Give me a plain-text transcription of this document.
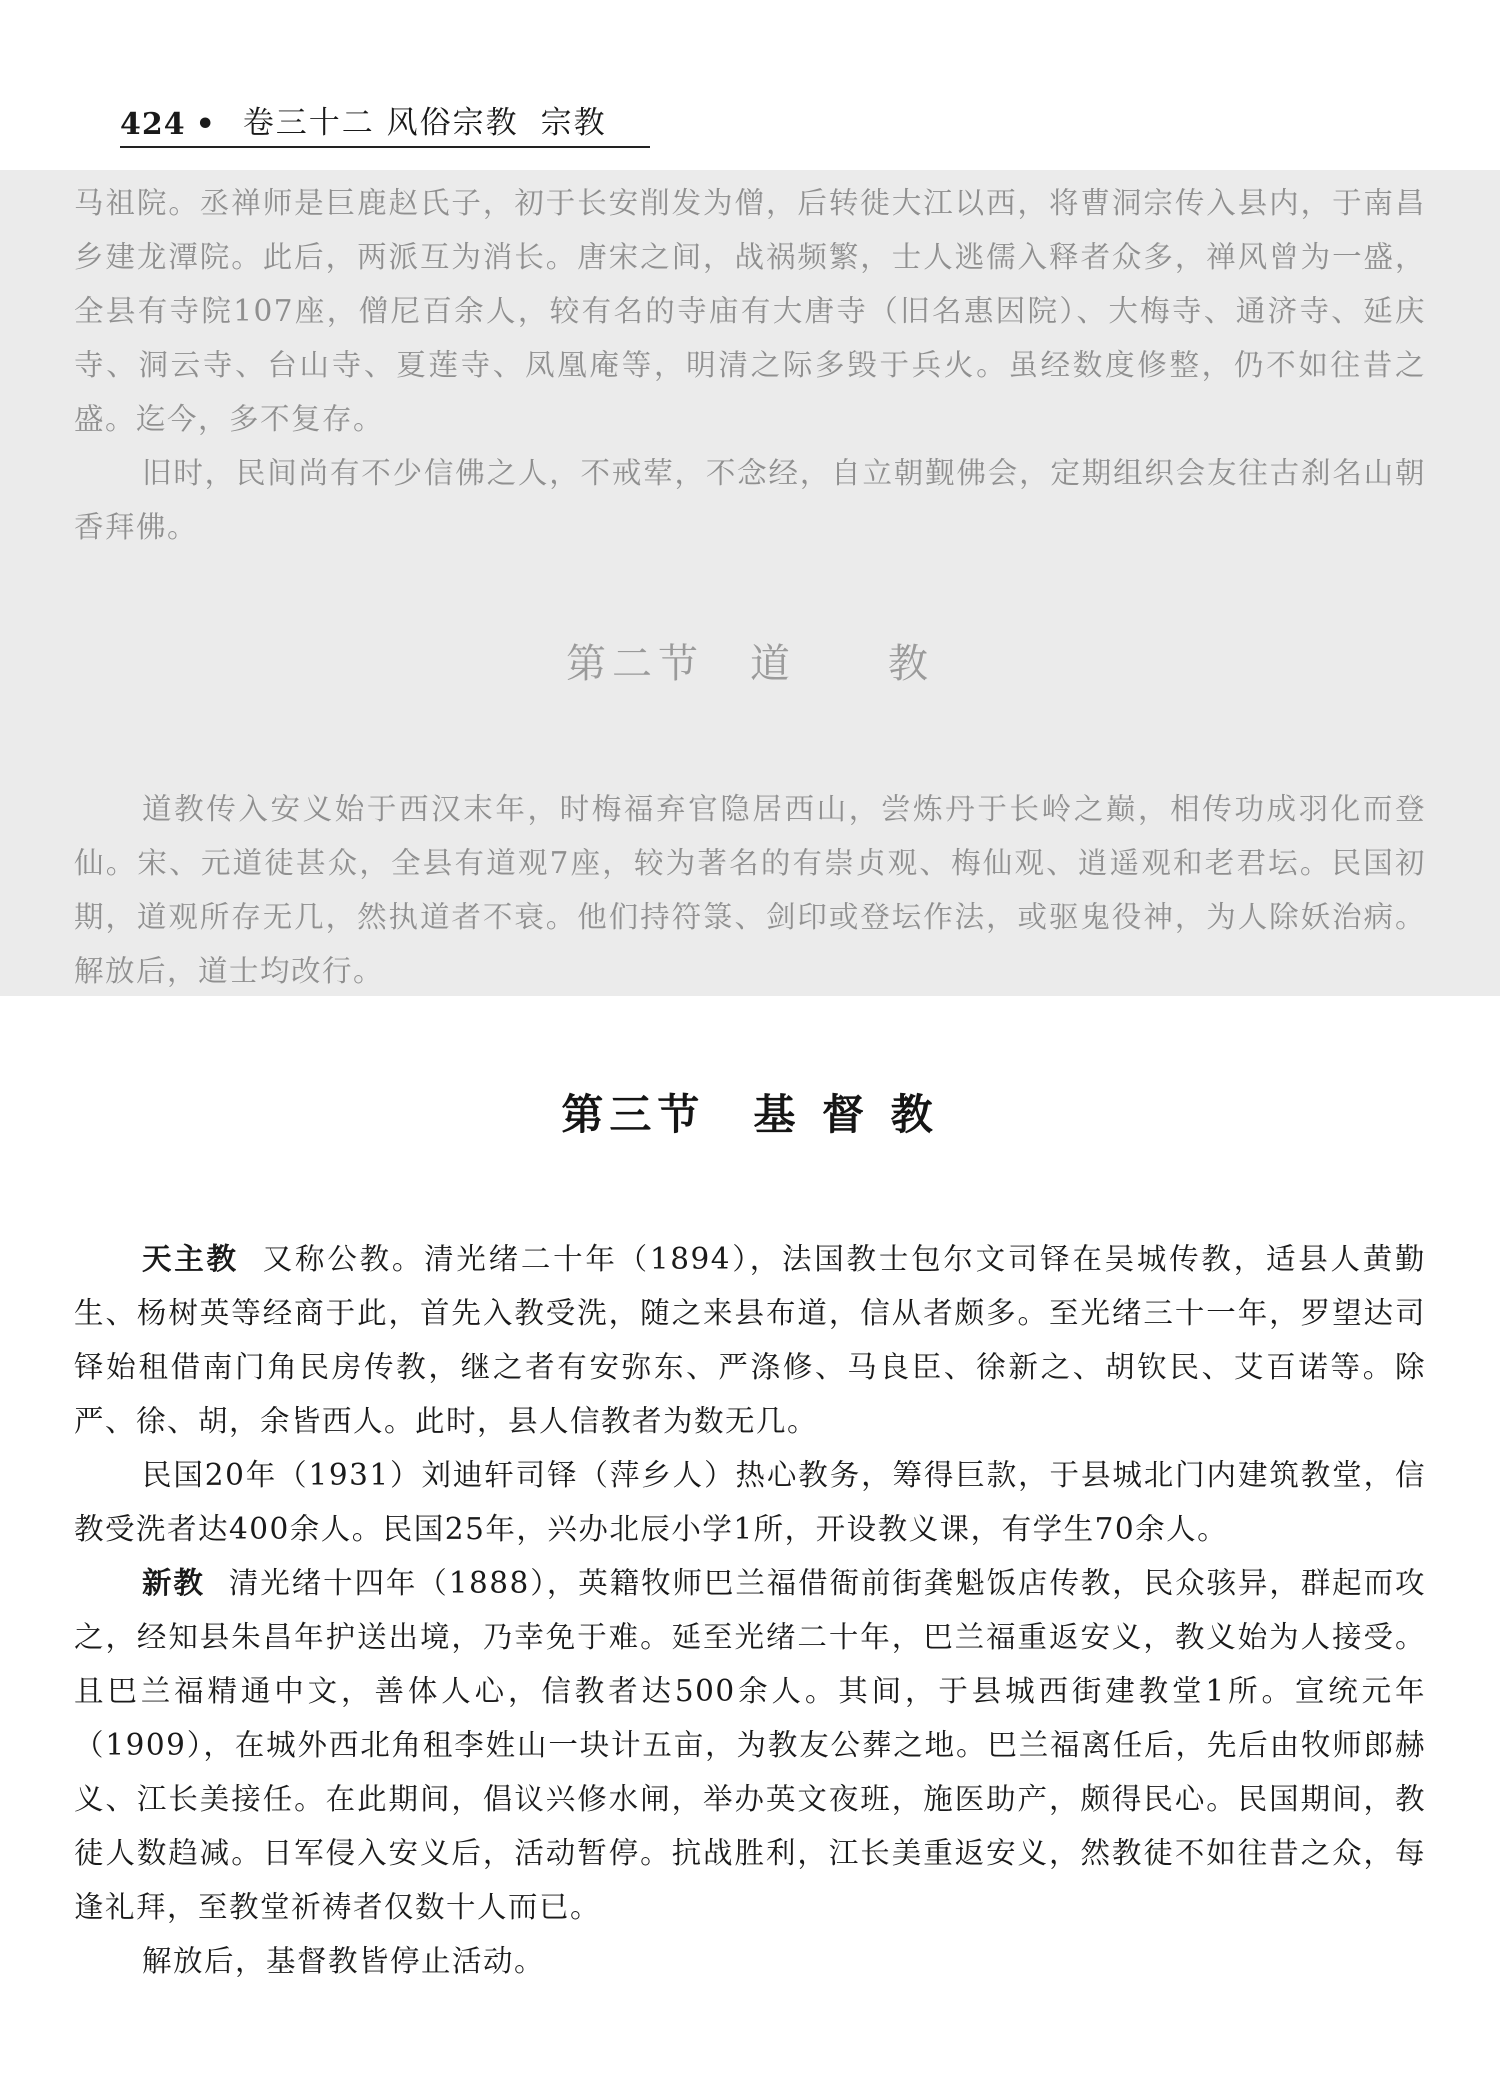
424 • 卷三十二 风俗宗教 宗教

马祖院。丞禅师是巨鹿赵氏子，初于长安削发为僧，后转徙大江以西，将曹洞宗传入县内，于南昌乡建龙潭院。此后，两派互为消长。唐宋之间，战祸频繁，士人逃儒入释者众多，禅风曾为一盛，全县有寺院107座，僧尼百余人，较有名的寺庙有大唐寺（旧名惠因院）、大梅寺、通济寺、延庆寺、洞云寺、台山寺、夏莲寺、凤凰庵等，明清之际多毁于兵火。虽经数度修整，仍不如往昔之盛。迄今，多不复存。

旧时，民间尚有不少信佛之人，不戒荤，不念经，自立朝觐佛会，定期组织会友往古刹名山朝香拜佛。

第二节　道　　教

道教传入安义始于西汉末年，时梅福弃官隐居西山，尝炼丹于长岭之巅，相传功成羽化而登仙。宋、元道徒甚众，全县有道观7座，较为著名的有崇贞观、梅仙观、逍遥观和老君坛。民国初期，道观所存无几，然执道者不衰。他们持符箓、剑印或登坛作法，或驱鬼役神，为人除妖治病。解放后，道士均改行。

第三节　基 督 教

天主教 又称公教。清光绪二十年（1894），法国教士包尔文司铎在吴城传教，适县人黄勤生、杨树英等经商于此，首先入教受洗，随之来县布道，信从者颇多。至光绪三十一年，罗望达司铎始租借南门角民房传教，继之者有安弥东、严涤修、马良臣、徐新之、胡钦民、艾百诺等。除严、徐、胡，余皆西人。此时，县人信教者为数无几。

民国20年（1931）刘迪轩司铎（萍乡人）热心教务，筹得巨款，于县城北门内建筑教堂，信教受洗者达400余人。民国25年，兴办北辰小学1所，开设教义课，有学生70余人。

新教 清光绪十四年（1888），英籍牧师巴兰福借衙前街龚魁饭店传教，民众骇异，群起而攻之，经知县朱昌年护送出境，乃幸免于难。延至光绪二十年，巴兰福重返安义，教义始为人接受。且巴兰福精通中文，善体人心，信教者达500余人。其间，于县城西街建教堂1所。宣统元年（1909），在城外西北角租李姓山一块计五亩，为教友公葬之地。巴兰福离任后，先后由牧师郎赫义、江长美接任。在此期间，倡议兴修水闸，举办英文夜班，施医助产，颇得民心。民国期间，教徒人数趋减。日军侵入安义后，活动暂停。抗战胜利，江长美重返安义，然教徒不如往昔之众，每逢礼拜，至教堂祈祷者仅数十人而已。

解放后，基督教皆停止活动。
